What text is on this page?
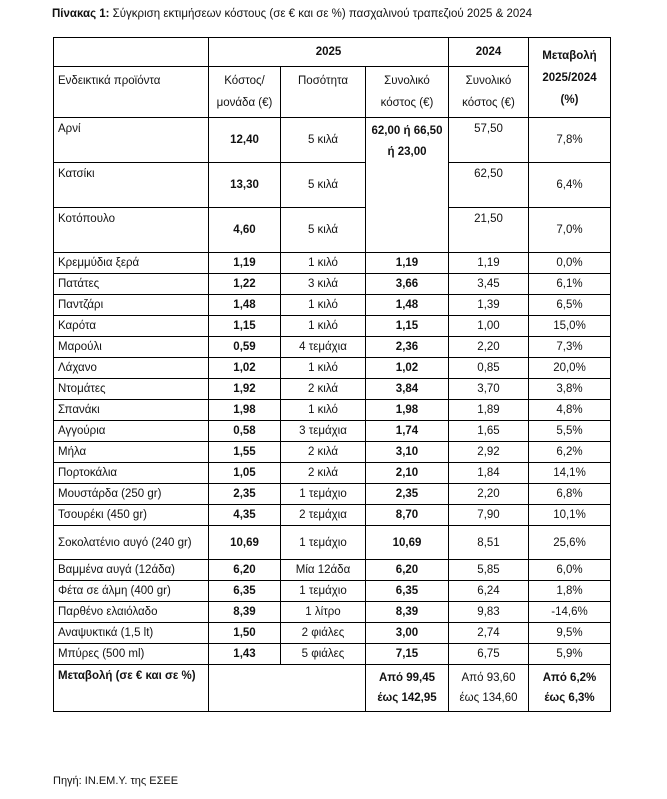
Πίνακας 1: Σύγκριση εκτιμήσεων κόστους (σε € και σε %) πασχαλινού τραπεζιού 2025 & 2024
	2025			2024	Μεταβολή 2025/2024 (%)
Ενδεικτικά προϊόντα	Κόστος/ μονάδα (€)	Ποσότητα	Συνολικό κόστος (€)	Συνολικό κόστος (€)	
Αρνί	12,40	5 κιλά	62,00 ή 66,50 ή 23,00	57,50	7,8%
Κατσίκι	13,30	5 κιλά		62,50	6,4%
Κοτόπουλο	4,60	5 κιλά		21,50	7,0%
Κρεμμύδια ξερά	1,19	1 κιλό	1,19	1,19	0,0%
Πατάτες	1,22	3 κιλά	3,66	3,45	6,1%
Παντζάρι	1,48	1 κιλό	1,48	1,39	6,5%
Καρότα	1,15	1 κιλό	1,15	1,00	15,0%
Μαρούλι	0,59	4 τεμάχια	2,36	2,20	7,3%
Λάχανο	1,02	1 κιλό	1,02	0,85	20,0%
Ντομάτες	1,92	2 κιλά	3,84	3,70	3,8%
Σπανάκι	1,98	1 κιλό	1,98	1,89	4,8%
Αγγούρια	0,58	3 τεμάχια	1,74	1,65	5,5%
Μήλα	1,55	2 κιλά	3,10	2,92	6,2%
Πορτοκάλια	1,05	2 κιλά	2,10	1,84	14,1%
Μουστάρδα (250 gr)	2,35	1 τεμάχιο	2,35	2,20	6,8%
Τσουρέκι (450 gr)	4,35	2 τεμάχια	8,70	7,90	10,1%
Σοκολατένιο αυγό (240 gr)	10,69	1 τεμάχιο	10,69	8,51	25,6%
Βαμμένα αυγά (12άδα)	6,20	Μία 12άδα	6,20	5,85	6,0%
Φέτα σε άλμη (400 gr)	6,35	1 τεμάχιο	6,35	6,24	1,8%
Παρθένο ελαιόλαδο	8,39	1 λίτρο	8,39	9,83	-14,6%
Αναψυκτικά (1,5 lt)	1,50	2 φιάλες	3,00	2,74	9,5%
Μπύρες (500 ml)	1,43	5 φιάλες	7,15	6,75	5,9%
Μεταβολή (σε € και σε %)			Από 99,45 έως 142,95	Από 93,60 έως 134,60	Από 6,2% έως 6,3%
Πηγή: ΙΝ.ΕΜ.Υ. της ΕΣΕΕ
